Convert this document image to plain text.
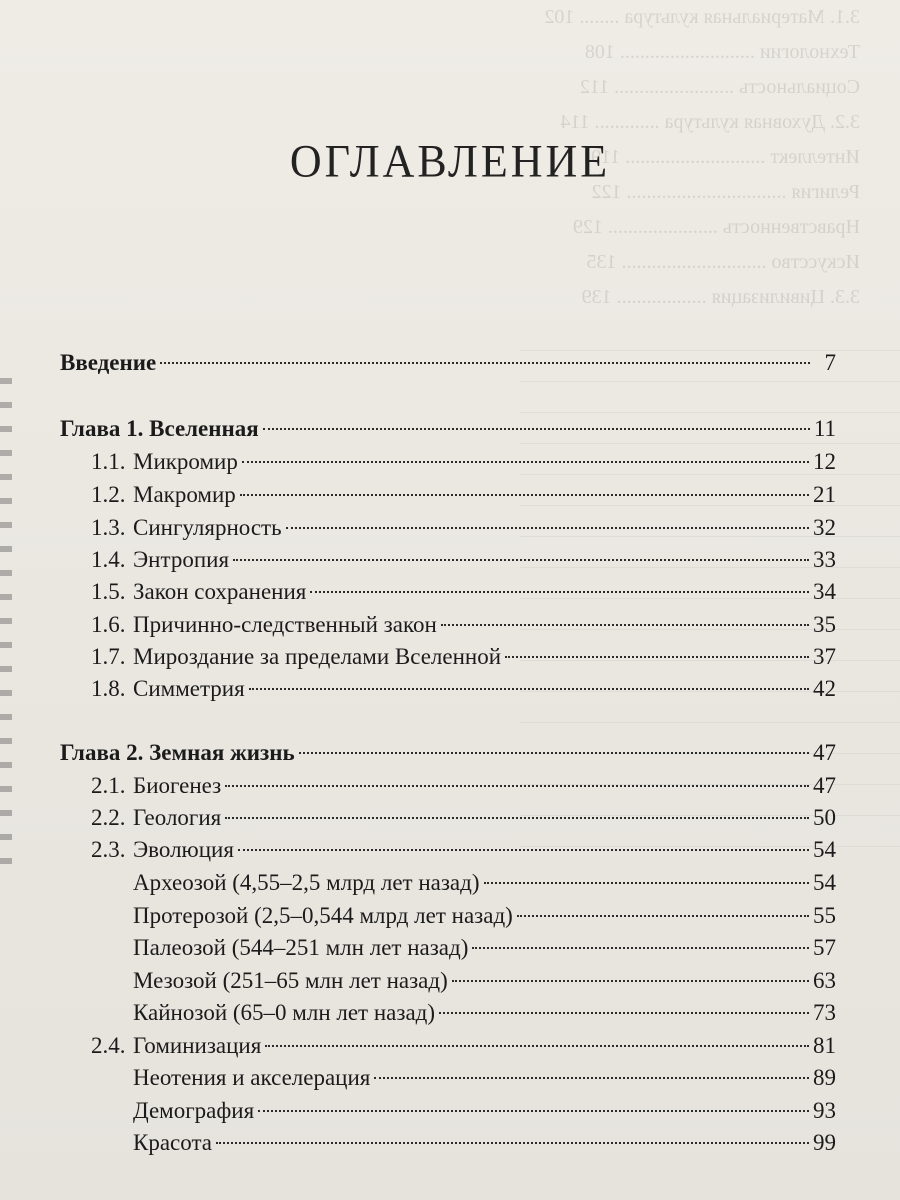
3.1. Материальная культура ........ 102
Технологии ........................... 108
Социальность ........................ 112
3.2. Духовная культура ............. 114
Интеллект ............................ 119
Религия ................................ 122
Нравственность ...................... 129
Искусство ............................. 135
3.3. Цивилизация .................. 139
ОГЛАВЛЕНИЕ
Введение	7
Глава 1. Вселенная	11
1.1. Микромир	12
1.2. Макромир	21
1.3. Сингулярность	32
1.4. Энтропия	33
1.5. Закон сохранения	34
1.6. Причинно-следственный закон	35
1.7. Мироздание за пределами Вселенной	37
1.8. Симметрия	42
Глава 2. Земная жизнь	47
2.1. Биогенез	47
2.2. Геология	50
2.3. Эволюция	54
Археозой (4,55–2,5 млрд лет назад)	54
Протерозой (2,5–0,544 млрд лет назад)	55
Палеозой (544–251 млн лет назад)	57
Мезозой (251–65 млн лет назад)	63
Кайнозой (65–0 млн лет назад)	73
2.4. Гоминизация	81
Неотения и акселерация	89
Демография	93
Красота	99
